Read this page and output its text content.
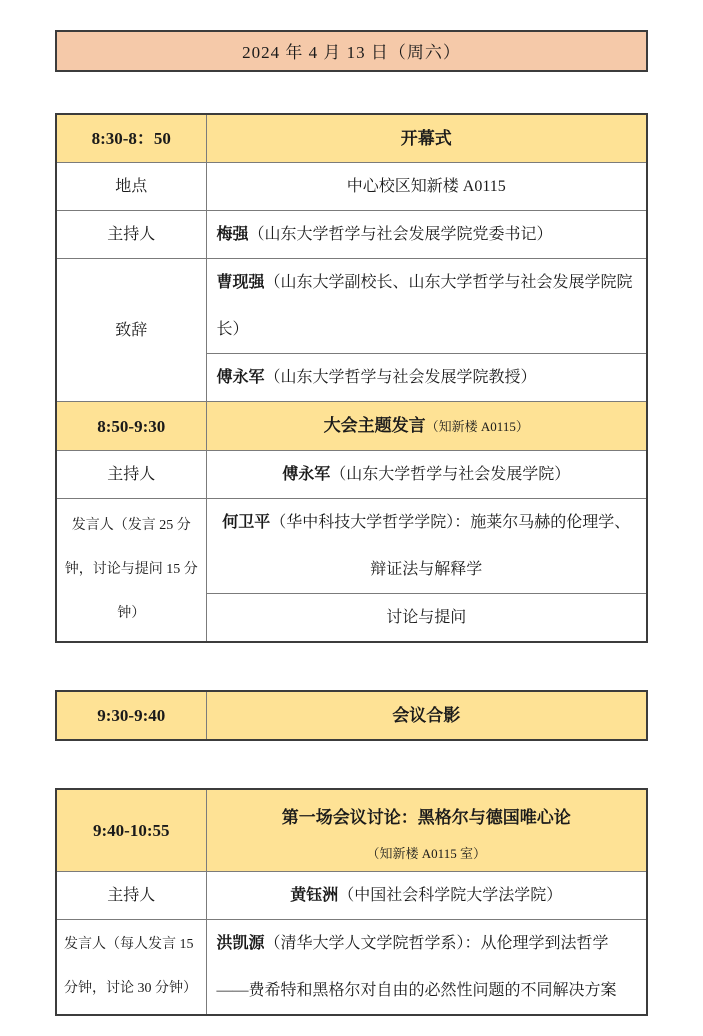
2024 年 4 月 13 日（周六）
8:30-8：50	开幕式
地点	中心校区知新楼 A0115
主持人	梅强（山东大学哲学与社会发展学院党委书记）
致辞	曹现强（山东大学副校长、山东大学哲学与社会发展学院院长）
	傅永军（山东大学哲学与社会发展学院教授）
8:50-9:30	大会主题发言（知新楼 A0115）
主持人	傅永军（山东大学哲学与社会发展学院）
发言人（发言 25 分钟，讨论与提问 15 分钟）	何卫平（华中科技大学哲学学院）：施莱尔马赫的伦理学、辩证法与解释学
	讨论与提问
9:30-9:40	会议合影
9:40-10:55	第一场会议讨论：黑格尔与德国唯心论
（知新楼 A0115 室）

主持人	黄钰洲（中国社会科学院大学法学院）
发言人（每人发言 15 分钟，讨论 30 分钟）	洪凯源（清华大学人文学院哲学系）：从伦理学到法哲学——费希特和黑格尔对自由的必然性问题的不同解决方案
